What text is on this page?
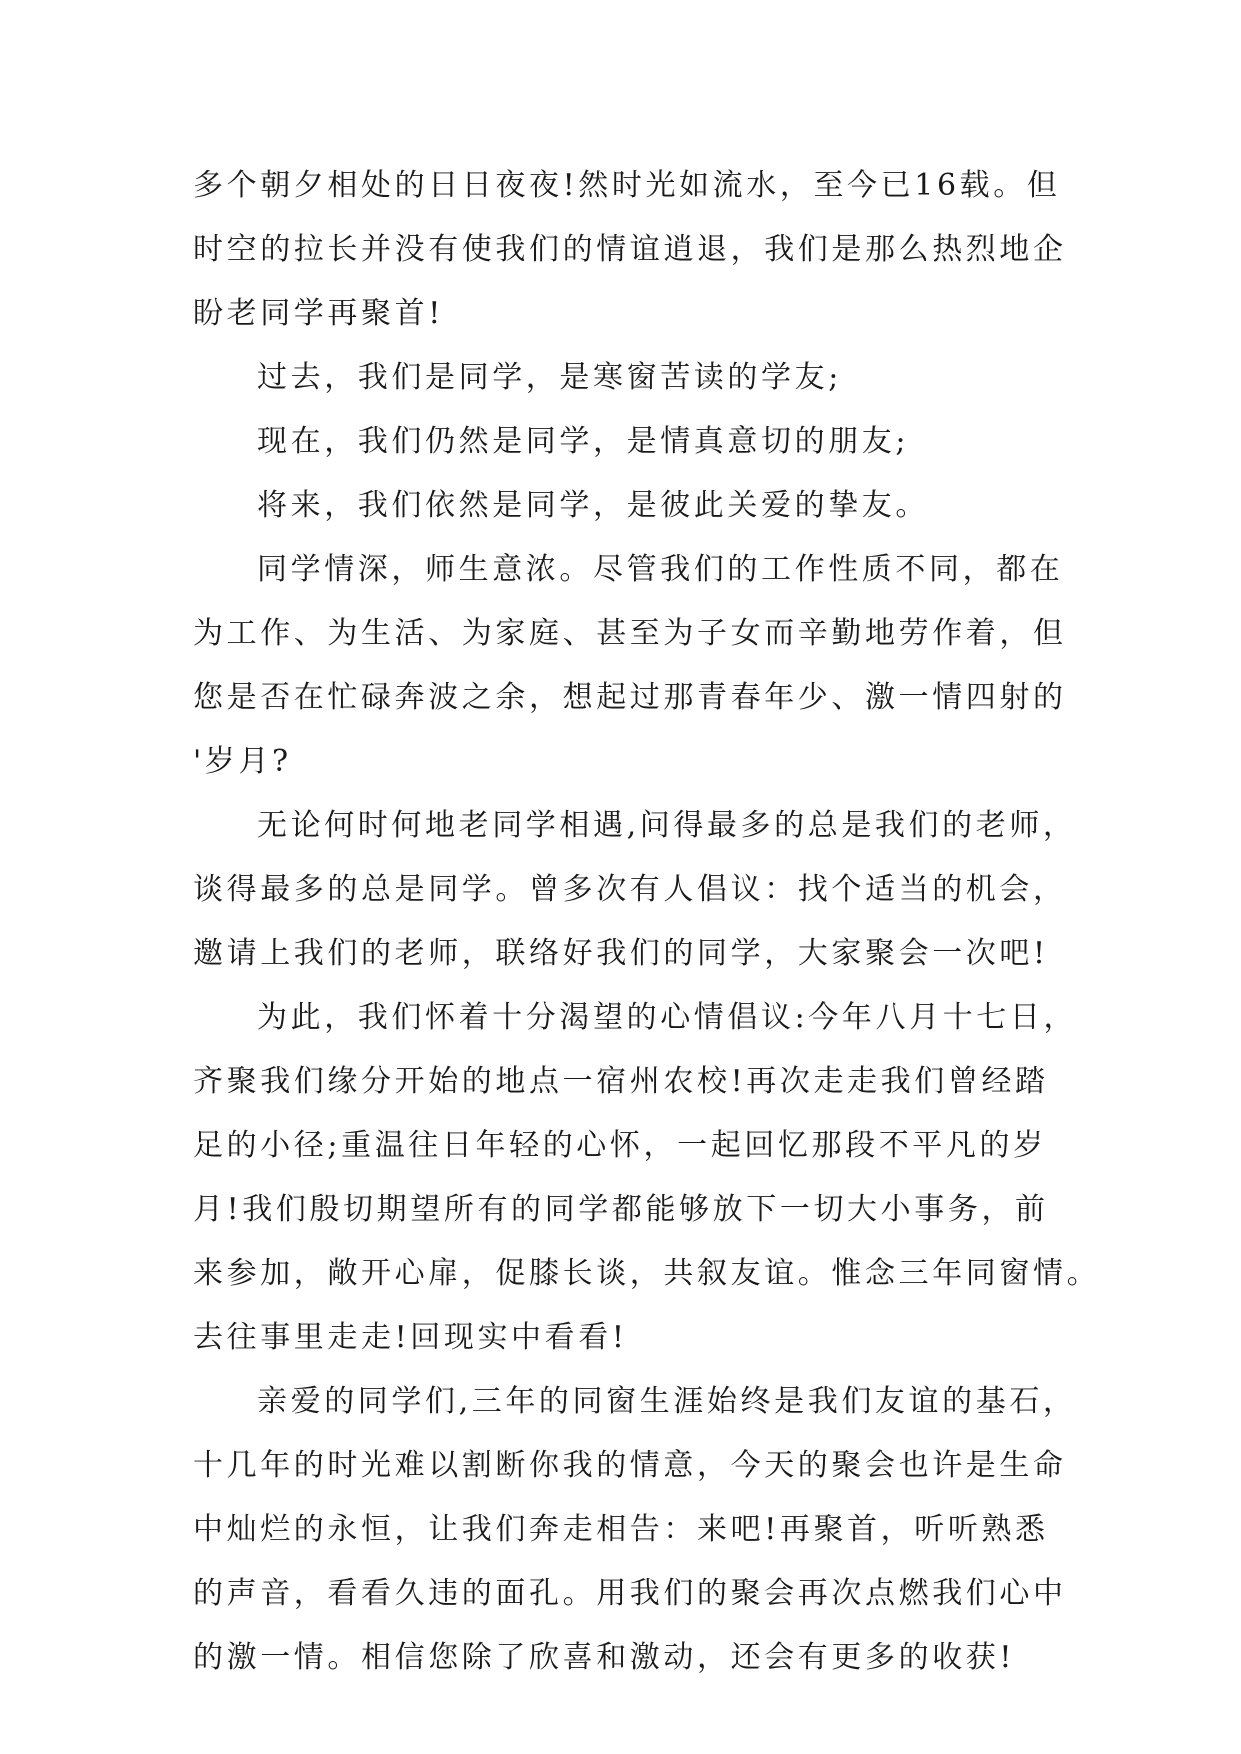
多个朝夕相处的日日夜夜!然时光如流水，至今已16载。但
时空的拉长并没有使我们的情谊逍退，我们是那么热烈地企
盼老同学再聚首!
过去，我们是同学，是寒窗苦读的学友;
现在，我们仍然是同学，是情真意切的朋友;
将来，我们依然是同学，是彼此关爱的挚友。
同学情深，师生意浓。尽管我们的工作性质不同，都在
为工作、为生活、为家庭、甚至为子女而辛勤地劳作着，但
您是否在忙碌奔波之余，想起过那青春年少、激一情四射的
'岁月?
无论何时何地老同学相遇,问得最多的总是我们的老师，
谈得最多的总是同学。曾多次有人倡议：找个适当的机会，
邀请上我们的老师，联络好我们的同学，大家聚会一次吧!
为此，我们怀着十分渴望的心情倡议:今年八月十七日，
齐聚我们缘分开始的地点一宿州农校!再次走走我们曾经踏
足的小径;重温往日年轻的心怀，一起回忆那段不平凡的岁
月!我们殷切期望所有的同学都能够放下一切大小事务，前
来参加，敞开心扉，促膝长谈，共叙友谊。惟念三年同窗情。
去往事里走走!回现实中看看!
亲爱的同学们,三年的同窗生涯始终是我们友谊的基石，
十几年的时光难以割断你我的情意，今天的聚会也许是生命
中灿烂的永恒，让我们奔走相告：来吧!再聚首，听听熟悉
的声音，看看久违的面孔。用我们的聚会再次点燃我们心中
的激一情。相信您除了欣喜和激动，还会有更多的收获!
